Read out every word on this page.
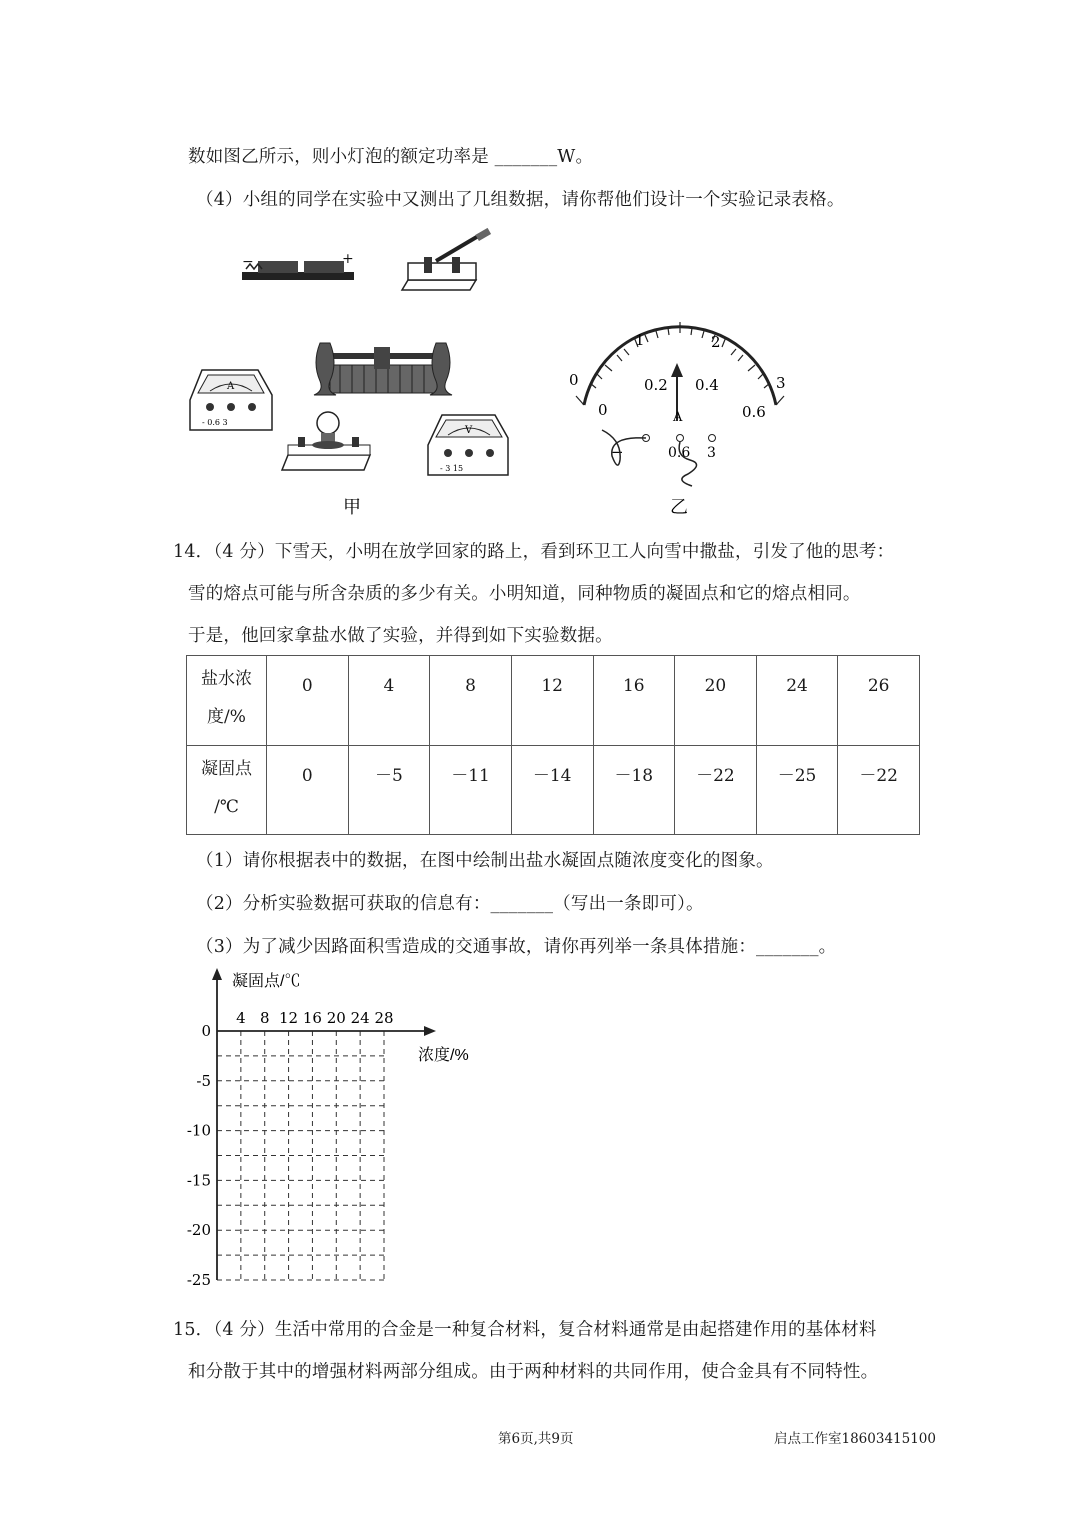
数如图乙所示，则小灯泡的额定功率是 _______W。
（4）小组的同学在实验中又测出了几组数据，请你帮他们设计一个实验记录表格。
−	+
A
- 0.6 3
V
- 3 15
甲
0
1	2
3
0
0.2 0.4
0.6
A
−	0.6 3
乙
14．（4 分）下雪天，小明在放学回家的路上，看到环卫工人向雪中撒盐，引发了他的思考：
雪的熔点可能与所含杂质的多少有关。小明知道，同种物质的凝固点和它的熔点相同。
于是，他回家拿盐水做了实验，并得到如下实验数据。
盐水浓
度/%	0	4	8	12	16	20	24	26
凝固点
/℃	0	－5	－11	－14	－18	－22	－25	－22
（1）请你根据表中的数据，在图中绘制出盐水凝固点随浓度变化的图象。
（2）分析实验数据可获取的信息有：_______（写出一条即可）。
（3）为了减少因路面积雪造成的交通事故，请你再列举一条具体措施：_______。
凝固点/℃
浓度/%
4 8 12 16 20 24 28
0
-5
-10
-15
-20
-25
15．（4 分）生活中常用的合金是一种复合材料，复合材料通常是由起搭建作用的基体材料
和分散于其中的增强材料两部分组成。由于两种材料的共同作用，使合金具有不同特性。
第6页,共9页	启点工作室18603415100
